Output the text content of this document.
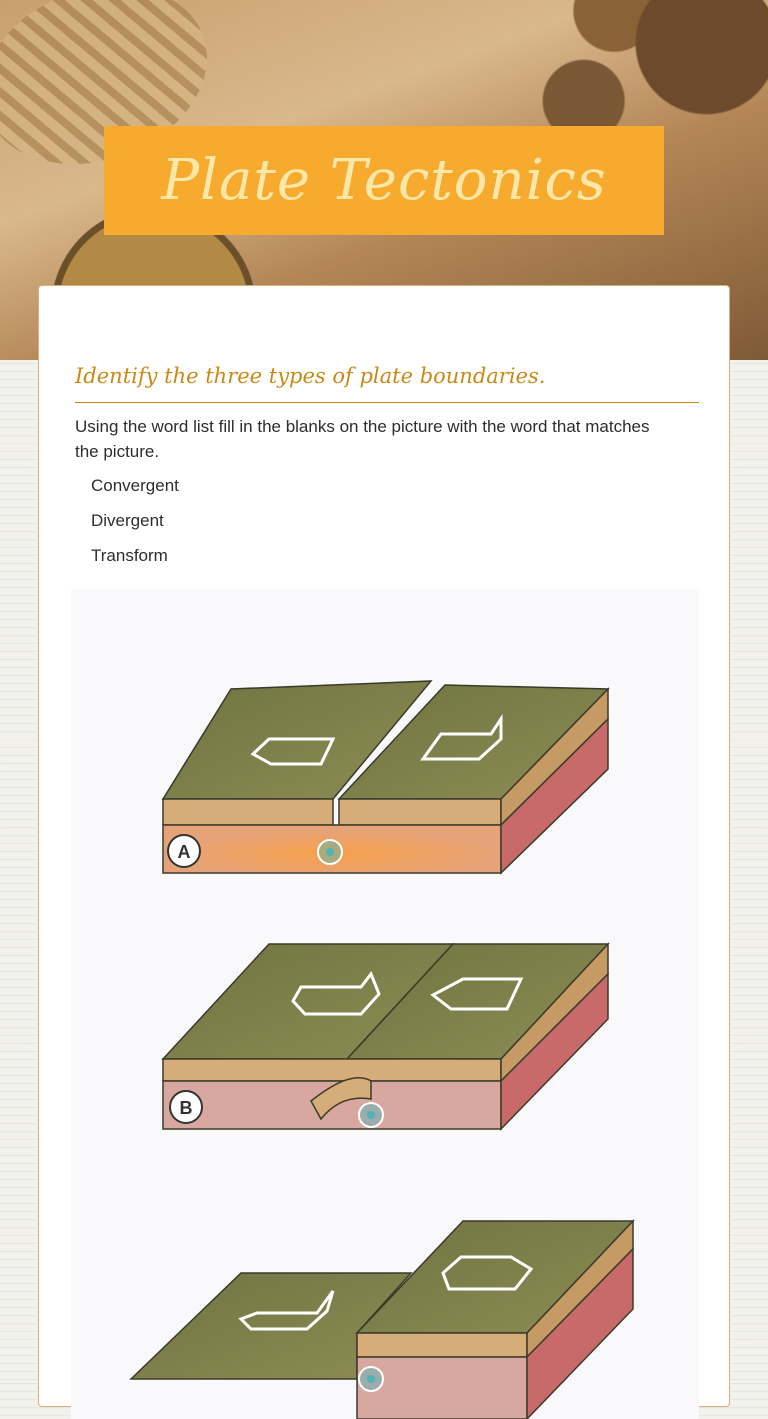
Plate Tectonics
Identify the three types of plate boundaries.
Using the word list fill in the blanks on the picture with the word that matches the picture.
Convergent
Divergent
Transform
A
B
